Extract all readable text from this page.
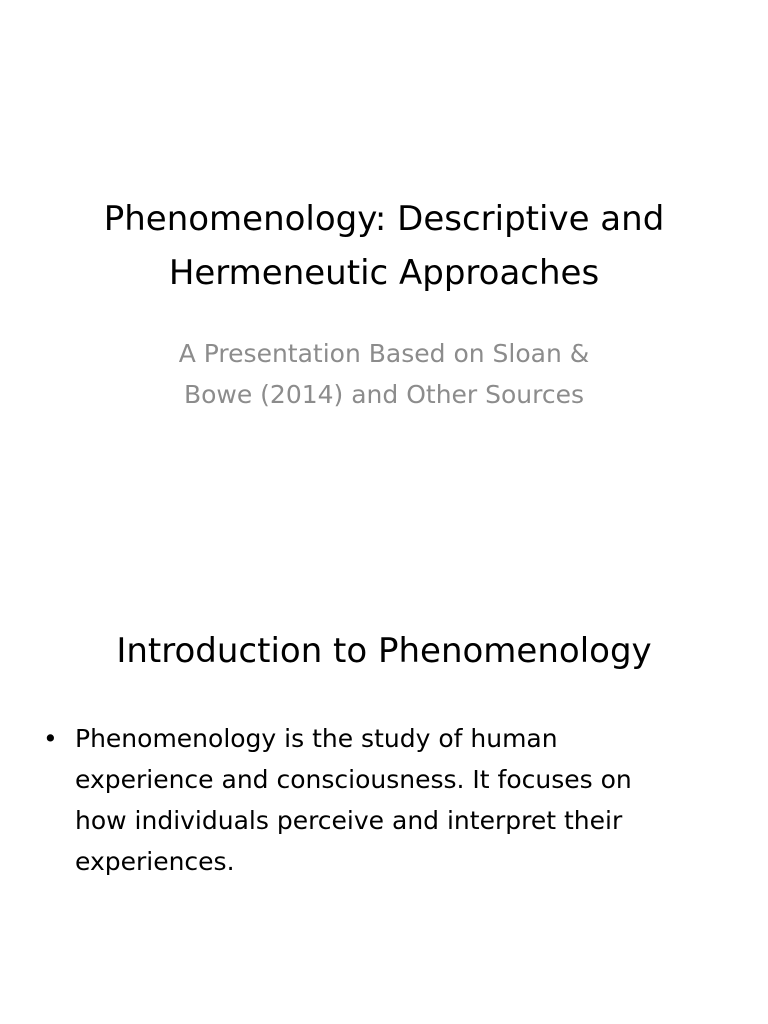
Phenomenology: Descriptive and
Hermeneutic Approaches
A Presentation Based on Sloan &
Bowe (2014) and Other Sources
Introduction to Phenomenology
• Phenomenology is the study of human
experience and consciousness. It focuses on
how individuals perceive and interpret their
experiences.
